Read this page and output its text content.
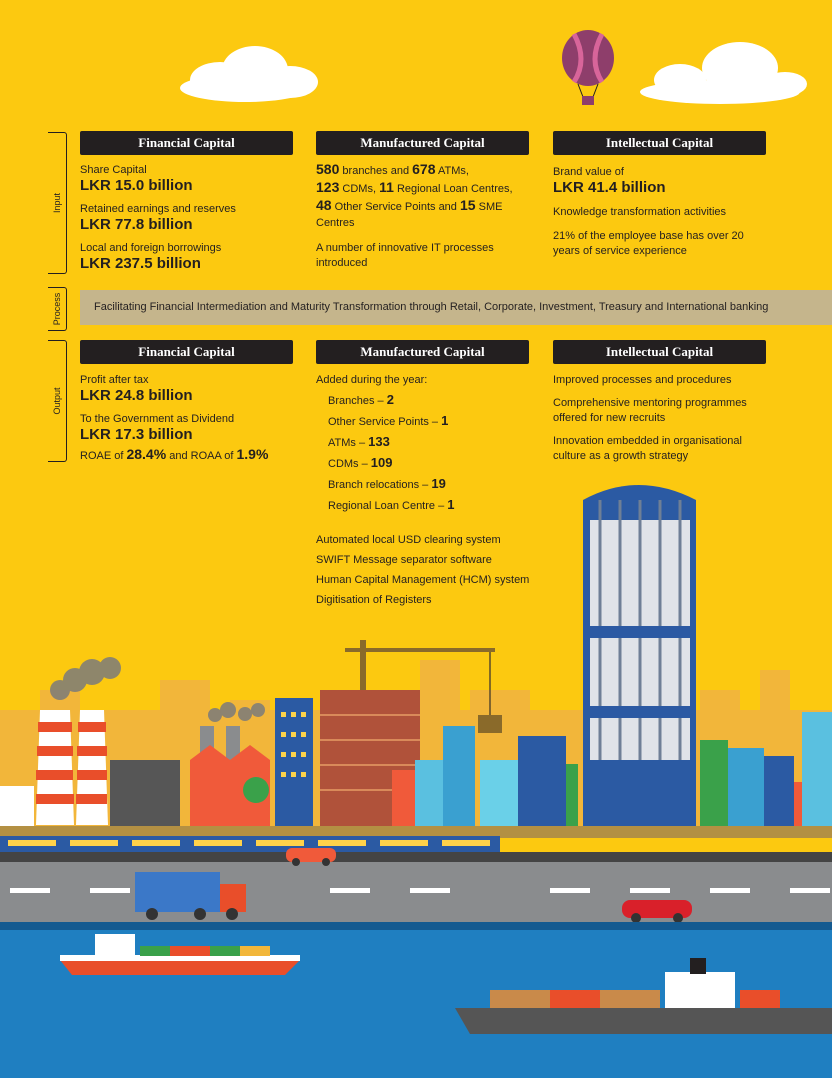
Input
Process
Output
Financial Capital
Share Capital
LKR 15.0 billion
Retained earnings and reserves
LKR 77.8 billion
Local and foreign borrowings
LKR 237.5 billion
Manufactured Capital
580 branches and 678 ATMs,
123 CDMs, 11 Regional Loan Centres,
48 Other Service Points and 15 SME
Centres
A number of innovative IT processes introduced
Intellectual Capital
Brand value of
LKR 41.4 billion
Knowledge transformation activities
21% of the employee base has over 20 years of service experience
Facilitating Financial Intermediation and Maturity Transformation through Retail, Corporate, Investment, Treasury and International banking
Financial Capital
Profit after tax
LKR 24.8 billion
To the Government as Dividend
LKR 17.3 billion
ROAE of 28.4% and ROAA of 1.9%
Manufactured Capital
Added during the year:
Branches – 2
Other Service Points – 1
ATMs – 133
CDMs – 109
Branch relocations – 19
Regional Loan Centre – 1
Automated local USD clearing system
SWIFT Message separator software
Human Capital Management (HCM) system
Digitisation of Registers
Intellectual Capital
Improved processes and procedures
Comprehensive mentoring programmes offered for new recruits
Innovation embedded in organisational culture as a growth strategy
